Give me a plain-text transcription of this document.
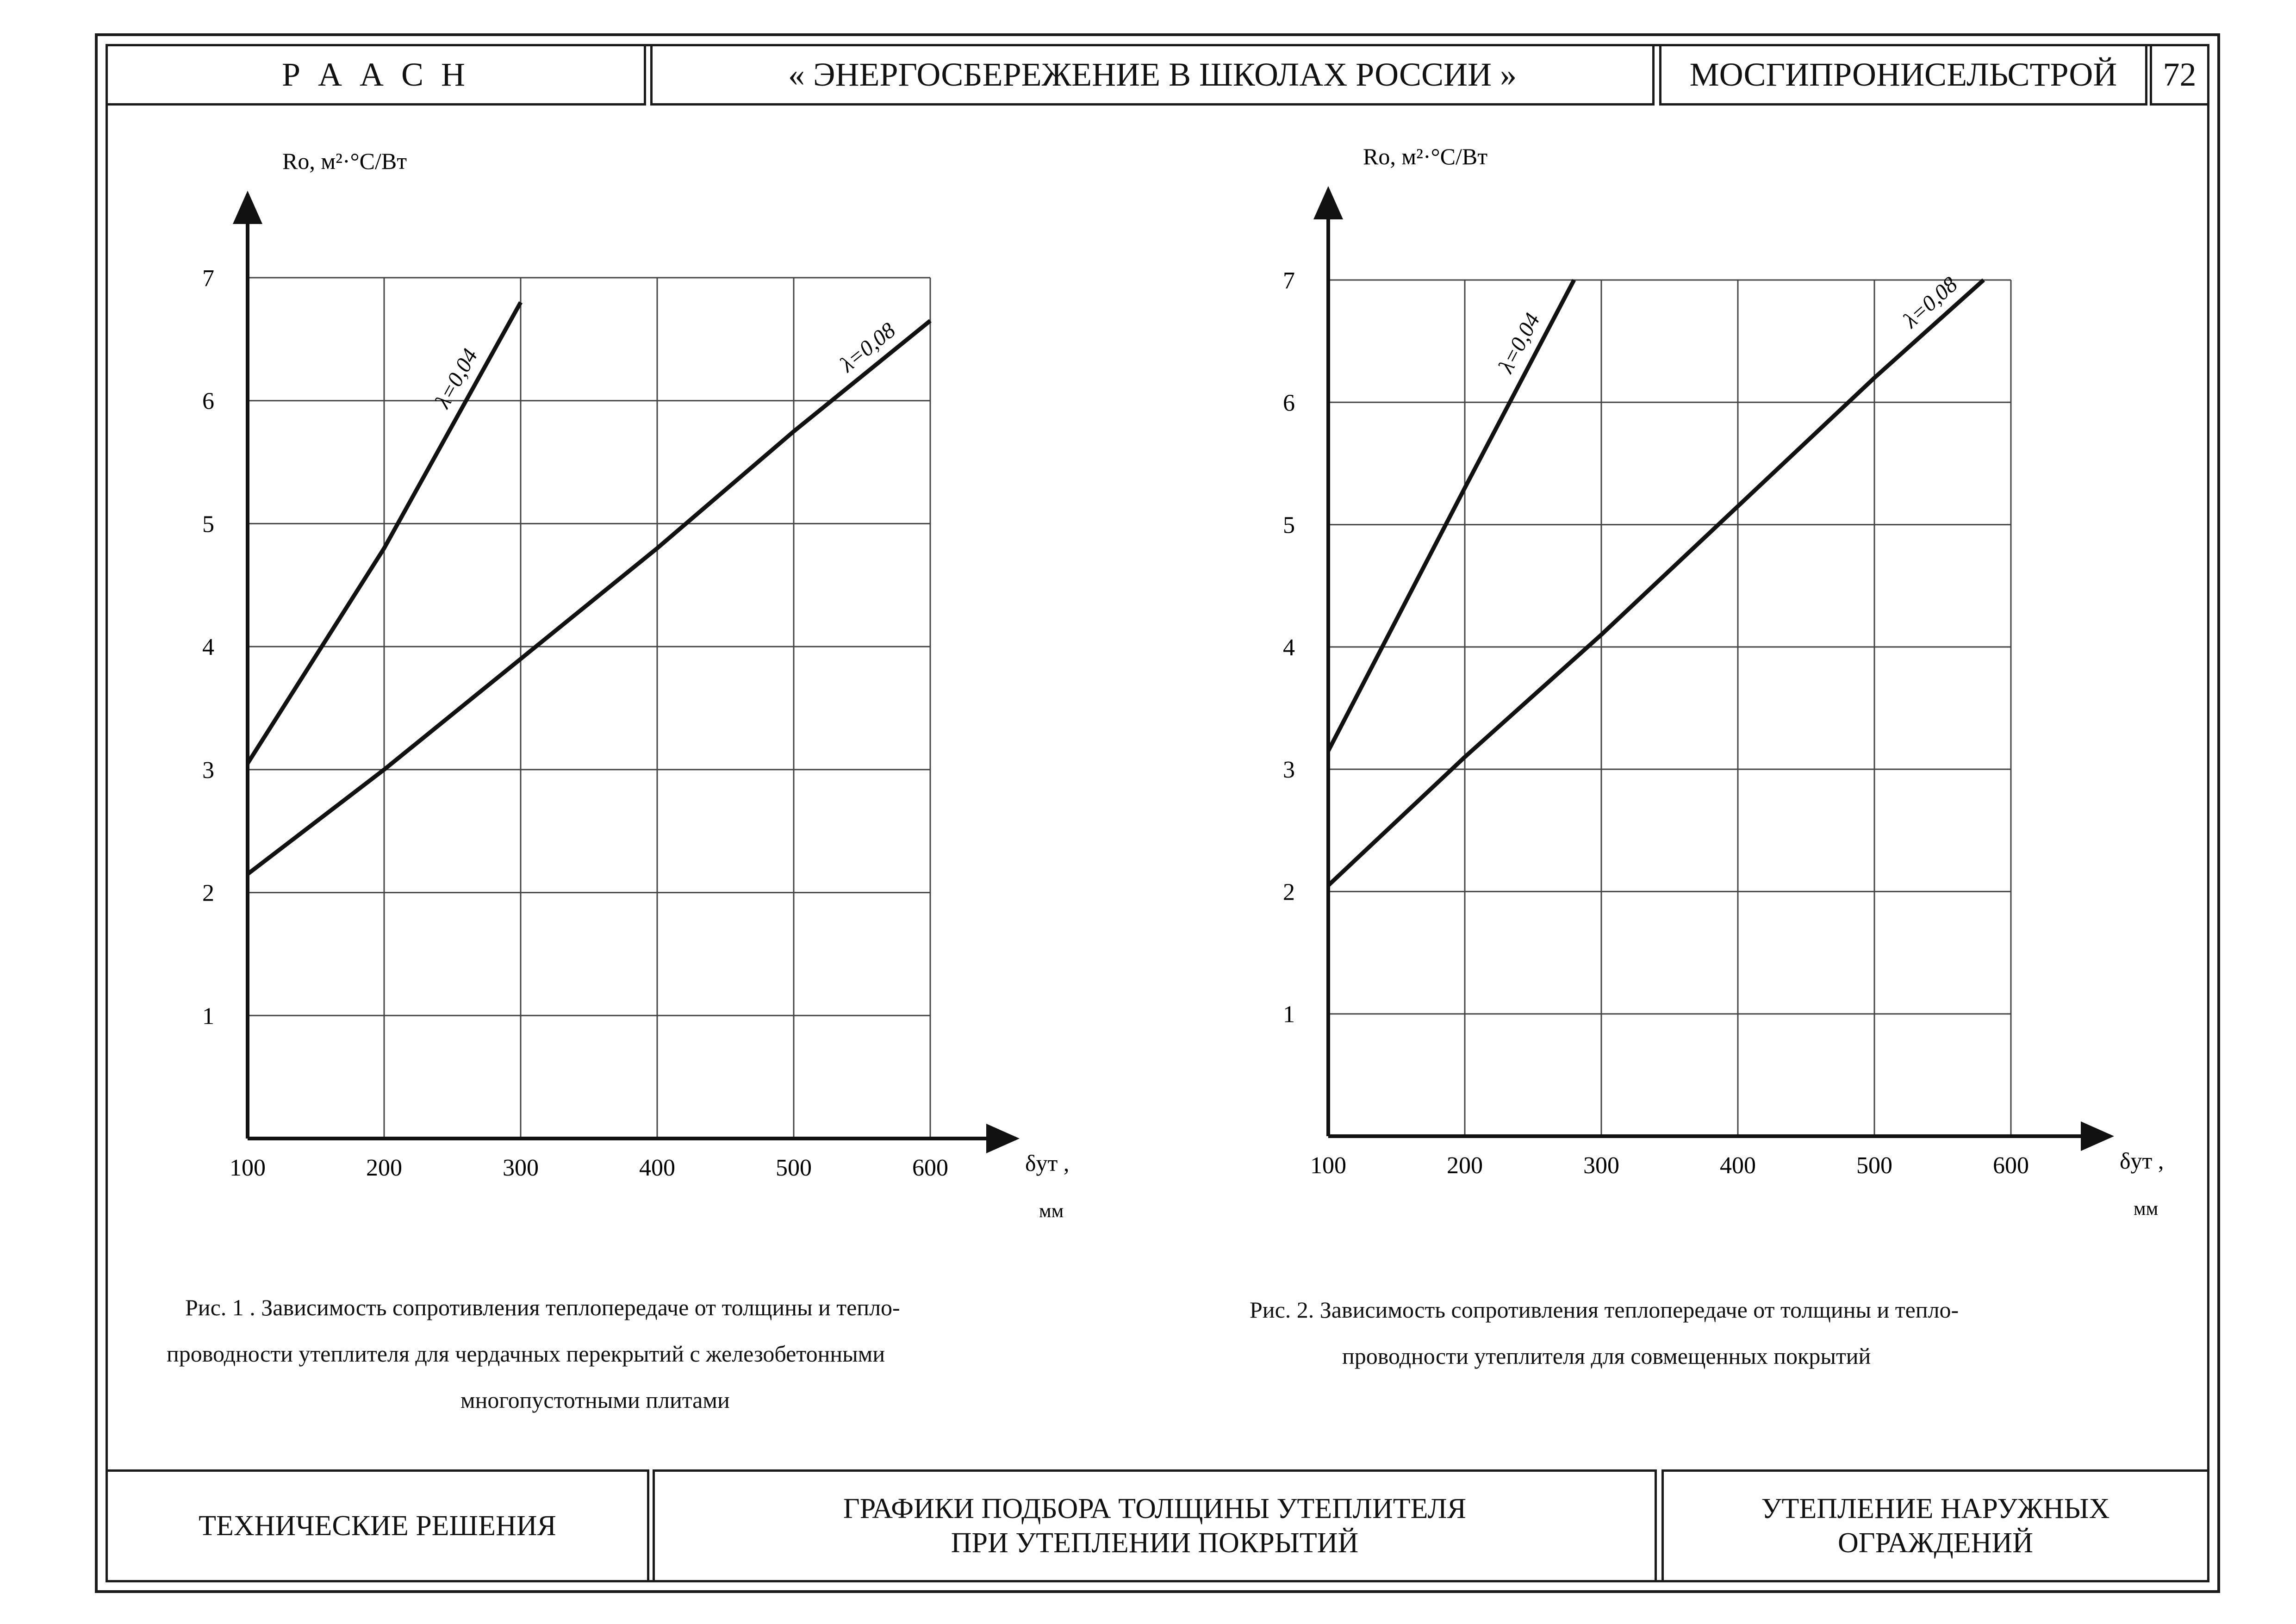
Р А А С Н	« ЭНЕРГОСБЕРЕЖЕНИЕ В ШКОЛАХ РОССИИ »	МОСГИПРОНИСЕЛЬСТРОЙ 72
100	200	300	400	500	600
1
2
3
4
5
6
7
Rо, м²·°С/Вт
δут ,
мм
λ=0,04	λ=0,08
100	200	300	400	500	600
1
2
3
4
5
6
7
Rо, м²·°С/Вт
δут ,
мм
λ=0,04
λ=0,08
Рис. 1 . Зависимость сопротивления теплопередаче от толщины и тепло-
проводности утеплителя для чердачных перекрытий с железобетонными
многопустотными плитами
Рис. 2. Зависимость сопротивления теплопередаче от толщины и тепло-
проводности утеплителя для совмещенных покрытий
ТЕХНИЧЕСКИЕ РЕШЕНИЯ
ГРАФИКИ ПОДБОРА ТОЛЩИНЫ УТЕПЛИТЕЛЯ
ПРИ УТЕПЛЕНИИ ПОКРЫТИЙ
УТЕПЛЕНИЕ НАРУЖНЫХ
ОГРАЖДЕНИЙ
